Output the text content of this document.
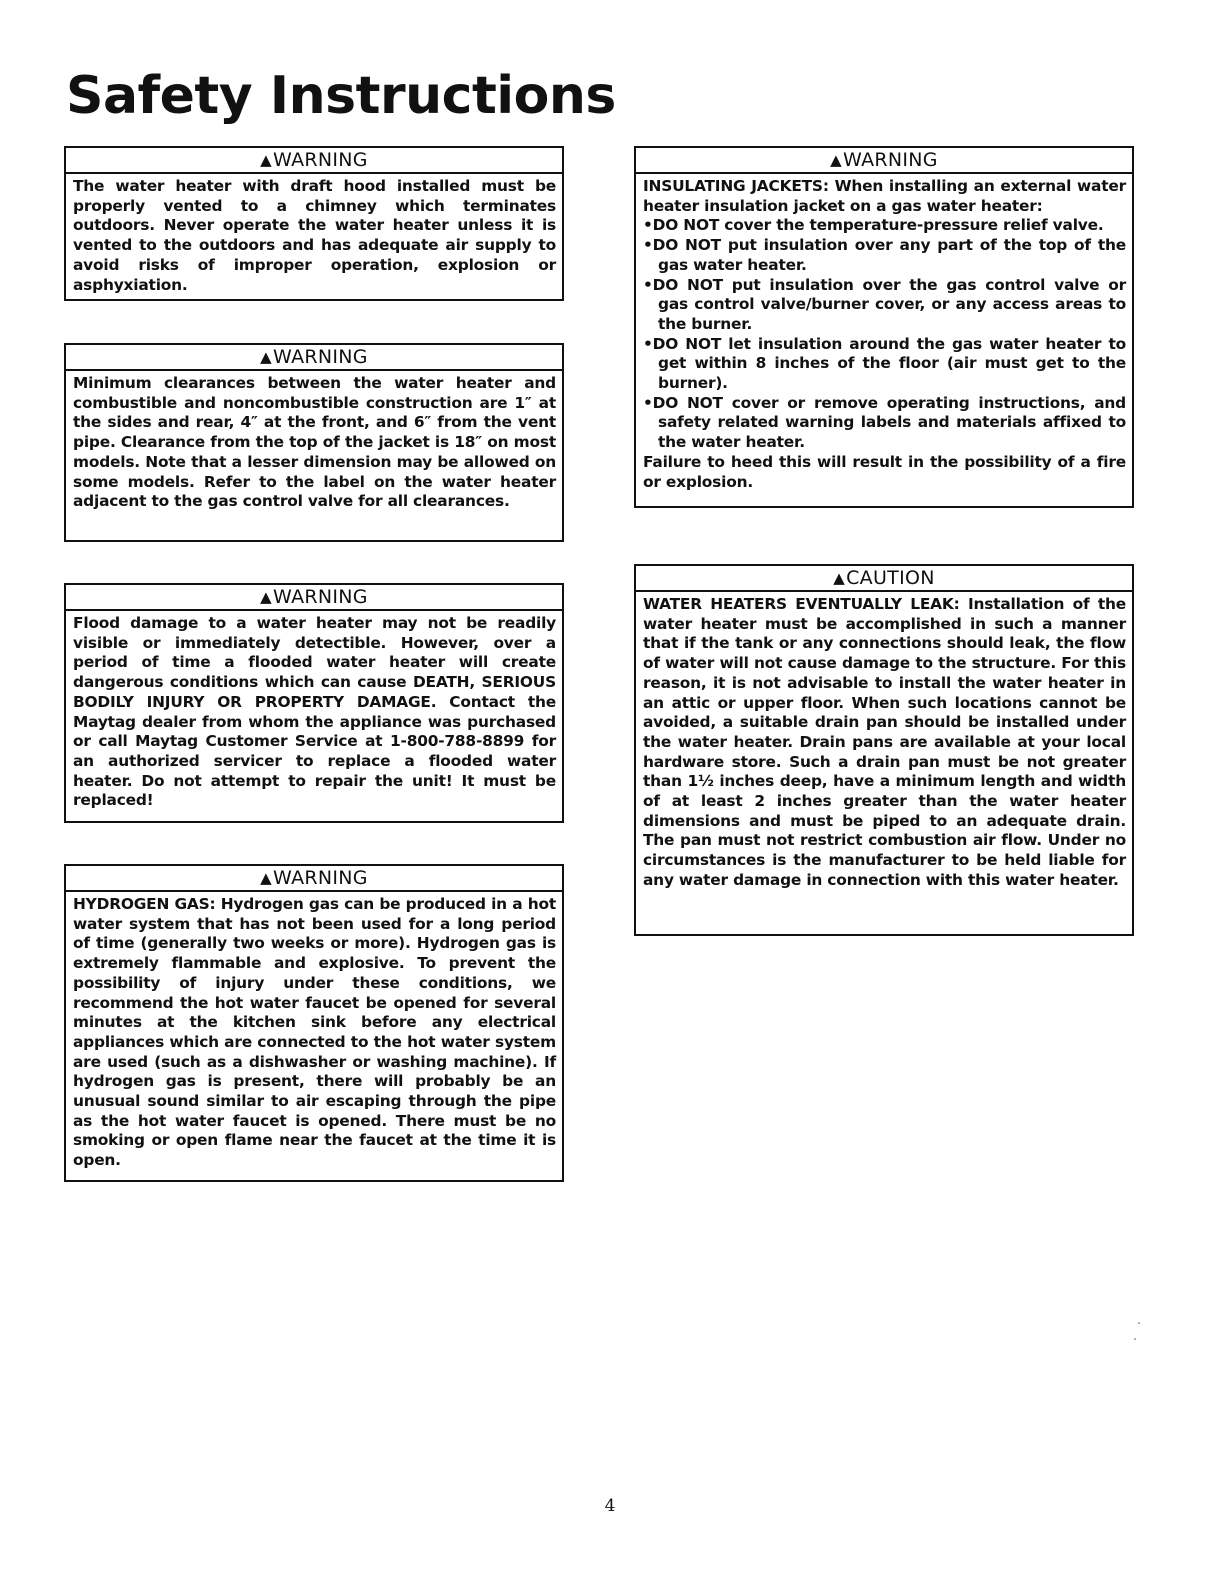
Safety Instructions
▲WARNING

The water heater with draft hood installed must be properly vented to a chimney which terminates outdoors. Never operate the water heater unless it is vented to the outdoors and has adequate air supply to avoid risks of improper operation, explosion or asphyxiation.

▲WARNING

Minimum clearances between the water heater and combustible and noncombustible construction are 1″ at the sides and rear, 4″ at the front, and 6″ from the vent pipe. Clearance from the top of the jacket is 18″ on most models. Note that a lesser dimension may be allowed on some models. Refer to the label on the water heater adjacent to the gas control valve for all clearances.

▲WARNING

Flood damage to a water heater may not be readily visible or immediately detectible. However, over a period of time a flooded water heater will create dangerous conditions which can cause DEATH, SERIOUS BODILY INJURY OR PROPERTY DAMAGE. Contact the Maytag dealer from whom the appliance was purchased or call Maytag Customer Service at 1-800-788-8899 for an authorized servicer to replace a flooded water heater. Do not attempt to repair the unit! It must be replaced!

▲WARNING

HYDROGEN GAS: Hydrogen gas can be produced in a hot water system that has not been used for a long period of time (generally two weeks or more). Hydrogen gas is extremely flammable and explosive. To prevent the possibility of injury under these conditions, we recommend the hot water faucet be opened for several minutes at the kitchen sink before any electrical appliances which are connected to the hot water system are used (such as a dishwasher or washing machine). If hydrogen gas is present, there will probably be an unusual sound similar to air escaping through the pipe as the hot water faucet is opened. There must be no smoking or open flame near the faucet at the time it is open.

▲WARNING

INSULATING JACKETS: When installing an external water heater insulation jacket on a gas water heater:

• DO NOT cover the temperature-pressure relief valve.
• DO NOT put insulation over any part of the top of the gas water heater.
• DO NOT put insulation over the gas control valve or gas control valve/burner cover, or any access areas to the burner.
• DO NOT let insulation around the gas water heater to get within 8 inches of the floor (air must get to the burner).
• DO NOT cover or remove operating instructions, and safety related warning labels and materials affixed to the water heater.

Failure to heed this will result in the possibility of a fire or explosion.

▲CAUTION

WATER HEATERS EVENTUALLY LEAK: Installation of the water heater must be accomplished in such a manner that if the tank or any connections should leak, the flow of water will not cause damage to the structure. For this reason, it is not advisable to install the water heater in an attic or upper floor. When such locations cannot be avoided, a suitable drain pan should be installed under the water heater. Drain pans are available at your local hardware store. Such a drain pan must be not greater than 1½ inches deep, have a minimum length and width of at least 2 inches greater than the water heater dimensions and must be piped to an adequate drain. The pan must not restrict combustion air flow. Under no circumstances is the manufacturer to be held liable for any water damage in connection with this water heater.

4
